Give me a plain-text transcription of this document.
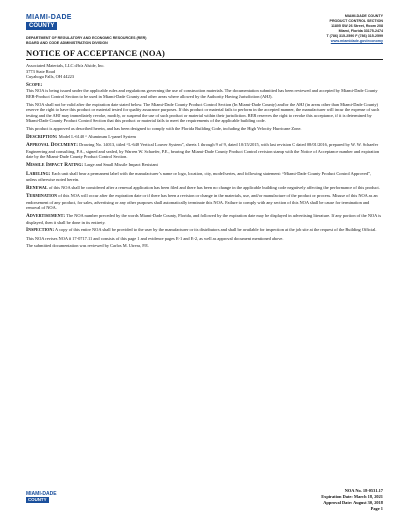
MIAMI-DADE
COUNTY
MIAMI-DADE COUNTY
PRODUCT CONTROL SECTION
11805 SW 26 Street, Room 208
Miami, Florida 33175-2474
T (786) 315-2590 F (786) 315-2599
www.miamidade.gov/economy
DEPARTMENT OF REGULATORY AND ECONOMIC RESOURCES (RER)
BOARD AND CODE ADMINISTRATION DIVISION
NOTICE OF ACCEPTANCE (NOA)
Associated Materials, LLC d/b/a Alside, Inc.
3773 State Road
Cuyahoga Falls, OH 44223

Scope:
This NOA is being issued under the applicable rules and regulations governing the use of construction materials. The documentation submitted has been reviewed and accepted by Miami-Dade County RER-Product Control Section to be used in Miami-Dade County and other areas where allowed by the Authority Having Jurisdiction (AHJ).

This NOA shall not be valid after the expiration date stated below. The Miami-Dade County Product Control Section (In Miami-Dade County) and/or the AHJ (in areas other than Miami-Dade County) reserve the right to have this product or material tested for quality assurance purposes. If this product or material fails to perform in the accepted manner, the manufacturer will incur the expense of such testing and the AHJ may immediately revoke, modify, or suspend the use of such product or material within their jurisdiction. RER reserves the right to revoke this acceptance, if it is determined by Miami-Dade County Product Control Section that this product or material fails to meet the requirements of the applicable building code.

This product is approved as described herein, and has been designed to comply with the Florida Building Code, including the High Velocity Hurricane Zone.

Description: Model L-6140 “ Aluminum L-panel System

Approval Document: Drawing No. 14013, titled “L-648 Vertical Louver System”, sheets 1 through 9 of 9, dated 10/15/2015, with last revision C dated 08/01/2016, prepared by W. W. Schaefer Engineering and consulting, P.A., signed and sealed, by Warren W. Schaefer, P.E., bearing the Miami-Dade County Product Control revision stamp with the Notice of Acceptance number and expiration date by the Miami-Dade County Product Control Section.

Missile Impact Rating: Large and Small Missile Impact Resistant

Labeling: Each unit shall bear a permanent label with the manufacturer’s name or logo, location, city, model/series, and following statement: “Miami-Dade County Product Control Approved”, unless otherwise noted herein.

Renewal of this NOA shall be considered after a renewal application has been filed and there has been no change in the applicable building code negatively affecting the performance of this product.

Termination of this NOA will occur after the expiration date or if there has been a revision or change in the materials, use, and/or manufacture of the product or process. Misuse of this NOA as an endorsement of any product, for sales, advertising or any other purposes shall automatically terminate this NOA. Failure to comply with any section of this NOA shall be cause for termination and removal of NOA.

Advertisement: The NOA number preceded by the words Miami-Dade County, Florida, and followed by the expiration date may be displayed in advertising literature. If any portion of the NOA is displayed, then it shall be done in its entirety.

Inspection: A copy of this entire NOA shall be provided to the user by the manufacturer or its distributors and shall be available for inspection at the job site at the request of the Building Official.

This NOA revises NOA # 17-0717.11 and consists of this page 1 and evidence pages E-1 and E-2, as well as approval document mentioned above.

The submitted documentation was reviewed by Carlos M. Utrera, P.E.

MIAMI-DADE
COUNTY
NOA No. 18-0531.17
Expiration Date: March 18, 2021
Approval Date: August 30, 2018
Page 1
